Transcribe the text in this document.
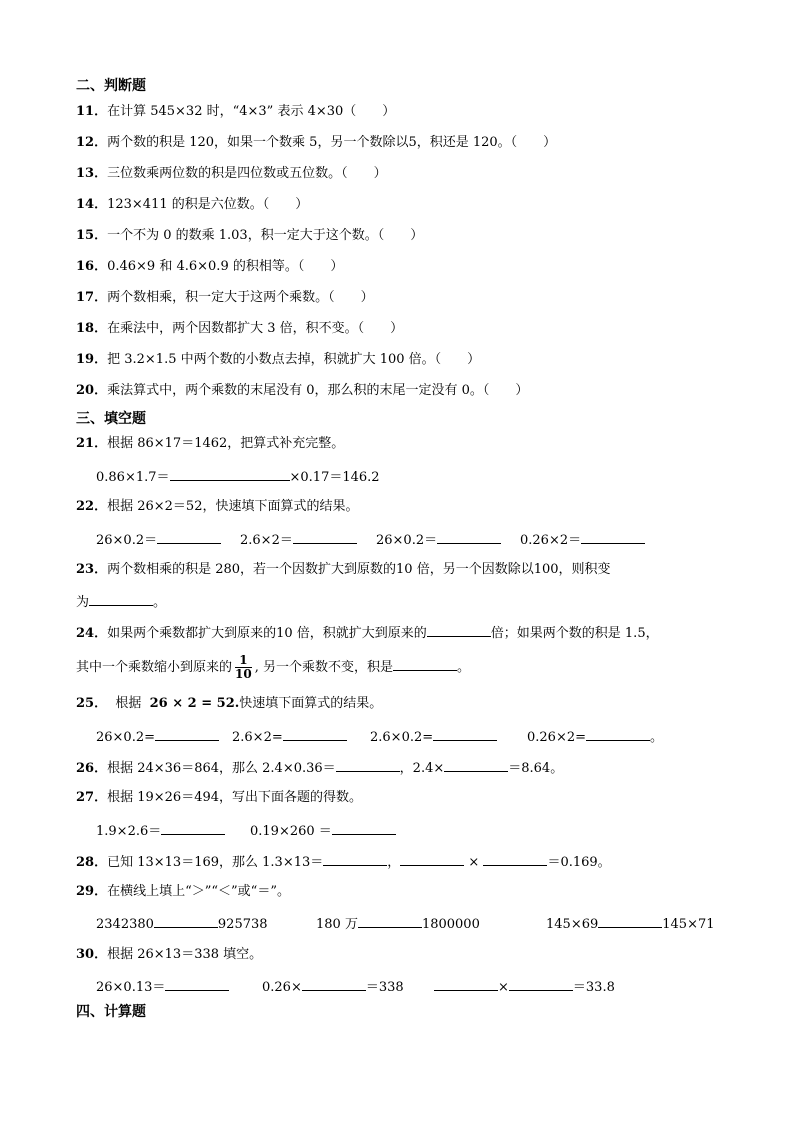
二、判断题
11．在计算 545×32 时，“4×3” 表示 4×30（　　）
12．两个数的积是 120，如果一个数乘 5，另一个数除以5，积还是 120。（　　）
13．三位数乘两位数的积是四位数或五位数。（　　）
14．123×411 的积是六位数。（　　）
15．一个不为 0 的数乘 1.03，积一定大于这个数。（　　）
16．0.46×9 和 4.6×0.9 的积相等。（　　）
17．两个数相乘，积一定大于这两个乘数。（　　）
18．在乘法中，两个因数都扩大 3 倍，积不变。（　　）
19．把 3.2×1.5 中两个数的小数点去掉，积就扩大 100 倍。（　　）
20．乘法算式中，两个乘数的末尾没有 0，那么积的末尾一定没有 0。（　　）
三、填空题
21．根据 86×17＝1462，把算式补充完整。
0.86×1.7＝	×0.17＝146.2
22．根据 26×2＝52，快速填下面算式的结果。
26×0.2＝	2.6×2＝	26×0.2＝	0.26×2＝
23．两个数相乘的积是 280，若一个因数扩大到原数的10 倍，另一个因数除以100，则积变
为	。
24．如果两个乘数都扩大到原来的10 倍，积就扩大到原来的	倍；如果两个数的积是 1.5，
其中一个乘数缩小到原来的 $\frac{1}{10}$ , 另一个乘数不变，积是	。
25． 根据 26 × 2 = 52.快速填下面算式的结果。
26×0.2=	2.6×2=	2.6×0.2=	0.26×2=	。
26．根据 24×36＝864，那么 2.4×0.36＝	，2.4×	＝8.64。
27．根据 19×26＝494，写出下面各题的得数。
1.9×2.6＝	0.19×260 ＝
28．已知 13×13＝169，那么 1.3×13＝	，	×	＝0.169。
29．在横线上填上“＞”“＜”或“＝”。
2342380	925738	180 万	1800000	145×69	145×71
30．根据 26×13＝338 填空。
26×0.13＝	0.26×	＝338	×	＝33.8
四、计算题
